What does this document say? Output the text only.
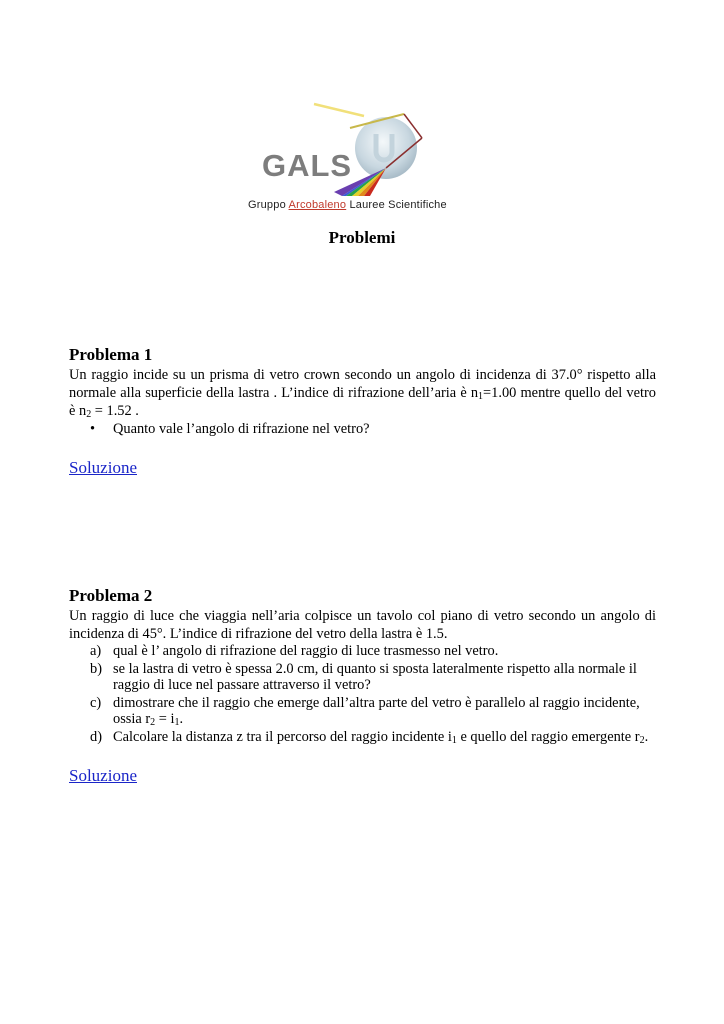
GALS
Gruppo Arcobaleno Lauree Scientifiche
Problemi
Problema 1

Un raggio incide su un prisma di vetro crown secondo un angolo di incidenza di 37.0° rispetto alla normale alla superficie della lastra . L’indice di rifrazione dell’aria è $n_1=1.00$ mentre quello del vetro è $n_2 = 1.52$ .

• Quanto vale l’angolo di rifrazione nel vetro?
Soluzione
Problema 2

Un raggio di luce che viaggia nell’aria colpisce un tavolo col piano di vetro secondo un angolo di incidenza di 45°. L’indice di rifrazione del vetro della lastra è 1.5.

a) qual è l’ angolo di rifrazione del raggio di luce trasmesso nel vetro.
b) se la lastra di vetro è spessa 2.0 cm, di quanto si sposta lateralmente rispetto alla normale il raggio di luce nel passare attraverso il vetro?
c) dimostrare che il raggio che emerge dall’altra parte del vetro è parallelo al raggio incidente, ossia $r_2 = i_1$.
d) Calcolare la distanza z tra il percorso del raggio incidente $i_1$ e quello del raggio emergente $r_2$.
Soluzione
